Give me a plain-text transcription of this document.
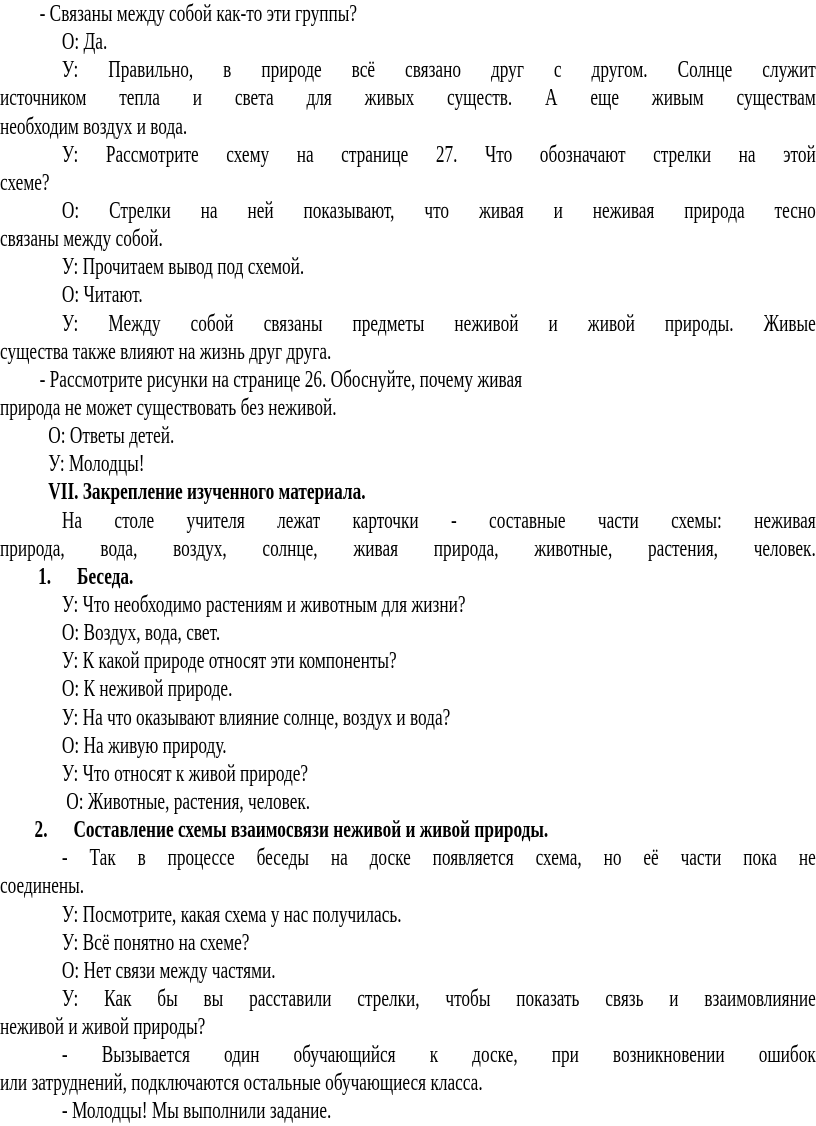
- Связаны между собой как-то эти группы?
О: Да.
У: Правильно, в природе всё связано друг с другом. Солнце служит
источником тепла и света для живых существ. А еще живым существам
необходим воздух и вода.
У: Рассмотрите схему на странице 27. Что обозначают стрелки на этой
схеме?
О: Стрелки на ней показывают, что живая и неживая природа тесно
связаны между собой.
У: Прочитаем вывод под схемой.
О: Читают.
У: Между собой связаны предметы неживой и живой природы. Живые
существа также влияют на жизнь друг друга.
- Рассмотрите рисунки на странице 26. Обоснуйте, почему живая
природа не может существовать без неживой.
О: Ответы детей.
У: Молодцы!
VII. Закрепление изученного материала.
На столе учителя лежат карточки - составные части схемы: неживая
природа, вода, воздух, солнце, живая природа, животные, растения, человек.
1. Беседа.
У: Что необходимо растениям и животным для жизни?
О: Воздух, вода, свет.
У: К какой природе относят эти компоненты?
О: К неживой природе.
У: На что оказывают влияние солнце, воздух и вода?
О: На живую природу.
У: Что относят к живой природе?
О: Животные, растения, человек.
2. Составление схемы взаимосвязи неживой и живой природы.
- Так в процессе беседы на доске появляется схема, но её части пока не
соединены.
У: Посмотрите, какая схема у нас получилась.
У: Всё понятно на схеме?
О: Нет связи между частями.
У: Как бы вы расставили стрелки, чтобы показать связь и взаимовлияние
неживой и живой природы?
- Вызывается один обучающийся к доске, при возникновении ошибок
или затруднений, подключаются остальные обучающиеся класса.
- Молодцы! Мы выполнили задание.
